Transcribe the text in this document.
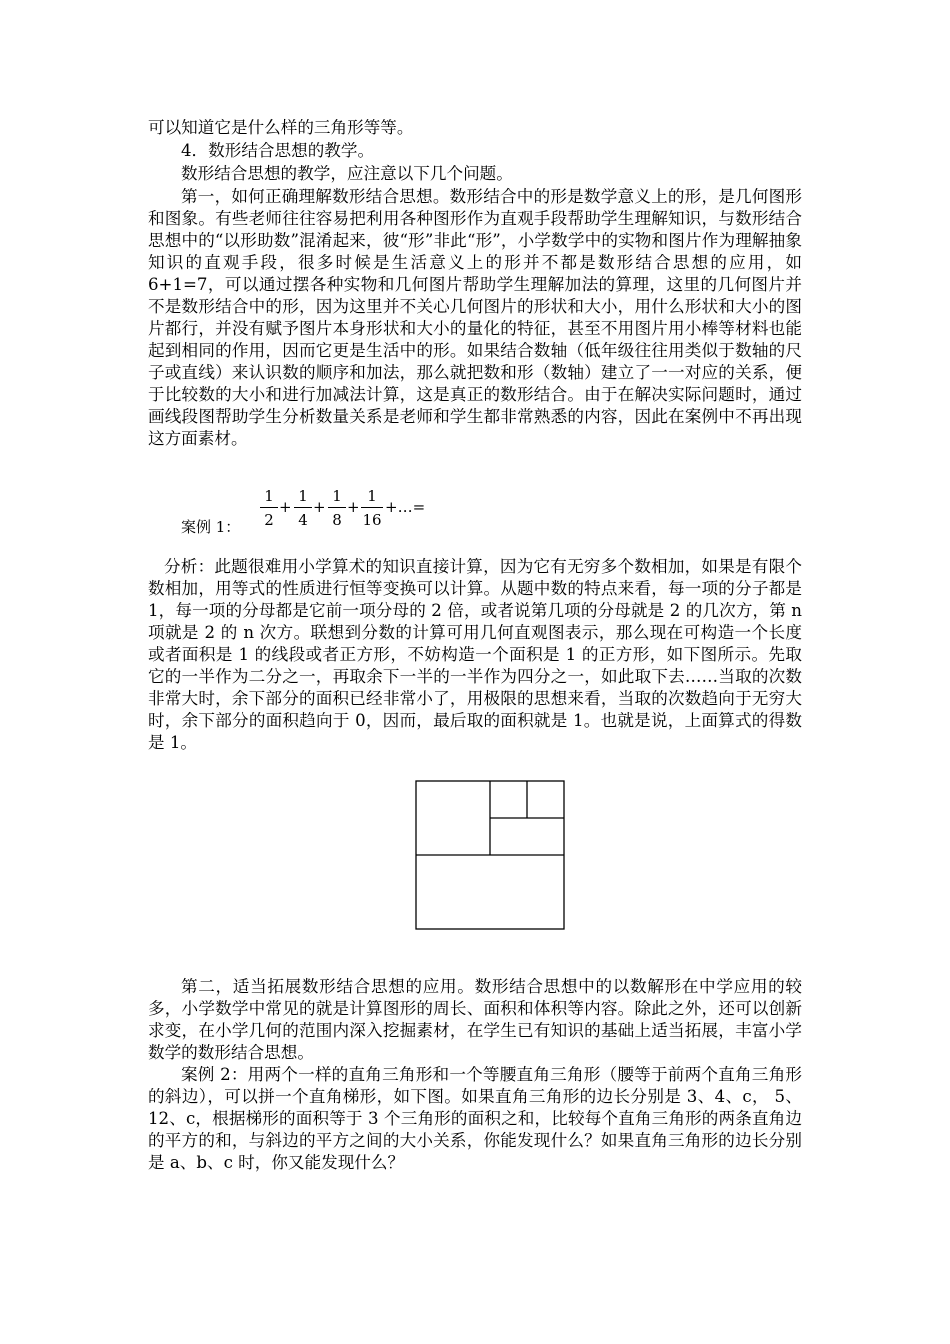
可以知道它是什么样的三角形等等。
4．数形结合思想的教学。
数形结合思想的教学，应注意以下几个问题。

第一，如何正确理解数形结合思想。数形结合中的形是数学意义上的形，是几何图形和图象。有些老师往往容易把利用各种图形作为直观手段帮助学生理解知识，与数形结合思想中的“以形助数”混淆起来，彼“形”非此“形”，小学数学中的实物和图片作为理解抽象知识的直观手段，很多时候是生活意义上的形并不都是数形结合思想的应用，如 6+1=7，可以通过摆各种实物和几何图片帮助学生理解加法的算理，这里的几何图片并不是数形结合中的形，因为这里并不关心几何图片的形状和大小，用什么形状和大小的图片都行，并没有赋予图片本身形状和大小的量化的特征，甚至不用图片用小棒等材料也能起到相同的作用，因而它更是生活中的形。如果结合数轴（低年级往往用类似于数轴的尺子或直线）来认识数的顺序和加法，那么就把数和形（数轴）建立了一一对应的关系，便于比较数的大小和进行加减法计算，这是真正的数形结合。由于在解决实际问题时，通过画线段图帮助学生分析数量关系是老师和学生都非常熟悉的内容，因此在案例中不再出现这方面素材。

案例 1：
1
2
+
1
4
+
1
8
+
1
16
+…=

分析：此题很难用小学算术的知识直接计算，因为它有无穷多个数相加，如果是有限个数相加，用等式的性质进行恒等变换可以计算。从题中数的特点来看，每一项的分子都是 1，每一项的分母都是它前一项分母的 2 倍，或者说第几项的分母就是 2 的几次方，第 n 项就是 2 的 n 次方。联想到分数的计算可用几何直观图表示，那么现在可构造一个长度或者面积是 1 的线段或者正方形，不妨构造一个面积是 1 的正方形，如下图所示。先取它的一半作为二分之一，再取余下一半的一半作为四分之一，如此取下去……当取的次数非常大时，余下部分的面积已经非常小了，用极限的思想来看，当取的次数趋向于无穷大时，余下部分的面积趋向于 0，因而，最后取的面积就是 1。也就是说，上面算式的得数是 1。

第二，适当拓展数形结合思想的应用。数形结合思想中的以数解形在中学应用的较多，小学数学中常见的就是计算图形的周长、面积和体积等内容。除此之外，还可以创新求变，在小学几何的范围内深入挖掘素材，在学生已有知识的基础上适当拓展，丰富小学数学的数形结合思想。

案例 2：用两个一样的直角三角形和一个等腰直角三角形（腰等于前两个直角三角形的斜边），可以拼一个直角梯形，如下图。如果直角三角形的边长分别是 3、4、c， 5、12、c，根据梯形的面积等于 3 个三角形的面积之和，比较每个直角三角形的两条直角边的平方的和，与斜边的平方之间的大小关系，你能发现什么？如果直角三角形的边长分别是 a、b、c 时，你又能发现什么？
